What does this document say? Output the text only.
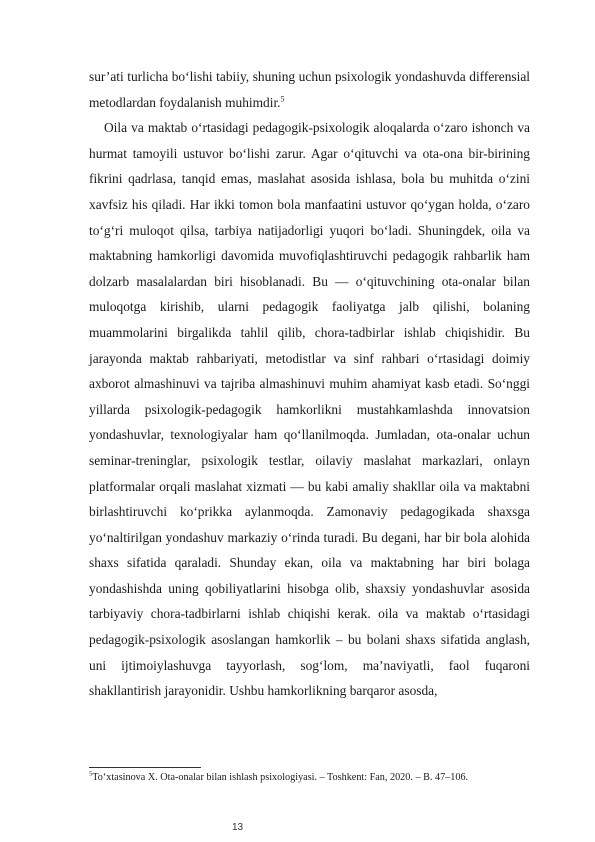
sur’ati turlicha bo‘lishi tabiiy, shuning uchun psixologik yondashuvda differensial metodlardan foydalanish muhimdir.$^5$

Oila va maktab o‘rtasidagi pedagogik-psixologik aloqalarda o‘zaro ishonch va hurmat tamoyili ustuvor bo‘lishi zarur. Agar o‘qituvchi va ota-ona bir-birining fikrini qadrlasa, tanqid emas, maslahat asosida ishlasa, bola bu muhitda o‘zini xavfsiz his qiladi. Har ikki tomon bola manfaatini ustuvor qo‘ygan holda, o‘zaro to‘g‘ri muloqot qilsa, tarbiya natijadorligi yuqori bo‘ladi. Shuningdek, oila va maktabning hamkorligi davomida muvofiqlashtiruvchi pedagogik rahbarlik ham dolzarb masalalardan biri hisoblanadi. Bu — o‘qituvchining ota-onalar bilan muloqotga kirishib, ularni pedagogik faoliyatga jalb qilishi, bolaning muammolarini birgalikda tahlil qilib, chora-tadbirlar ishlab chiqishidir. Bu jarayonda maktab rahbariyati, metodistlar va sinf rahbari o‘rtasidagi doimiy axborot almashinuvi va tajriba almashinuvi muhim ahamiyat kasb etadi. So‘nggi yillarda psixologik-pedagogik hamkorlikni mustahkamlashda innovatsion yondashuvlar, texnologiyalar ham qo‘llanilmoqda. Jumladan, ota-onalar uchun seminar-treninglar, psixologik testlar, oilaviy maslahat markazlari, onlayn platformalar orqali maslahat xizmati — bu kabi amaliy shakllar oila va maktabni birlashtiruvchi ko‘prikka aylanmoqda. Zamonaviy pedagogikada shaxsga yo‘naltirilgan yondashuv markaziy o‘rinda turadi. Bu degani, har bir bola alohida shaxs sifatida qaraladi. Shunday ekan, oila va maktabning har biri bolaga yondashishda uning qobiliyatlarini hisobga olib, shaxsiy yondashuvlar asosida tarbiyaviy chora-tadbirlarni ishlab chiqishi kerak. oila va maktab o‘rtasidagi pedagogik-psixologik asoslangan hamkorlik – bu bolani shaxs sifatida anglash, uni ijtimoiylashuvga tayyorlash, sog‘lom, ma’naviyatli, faol fuqaroni shakllantirish jarayonidir. Ushbu hamkorlikning barqaror asosda,

$^5$To‘xtasinova X. Ota-onalar bilan ishlash psixologiyasi. – Toshkent: Fan, 2020. – B. 47–106.
13
